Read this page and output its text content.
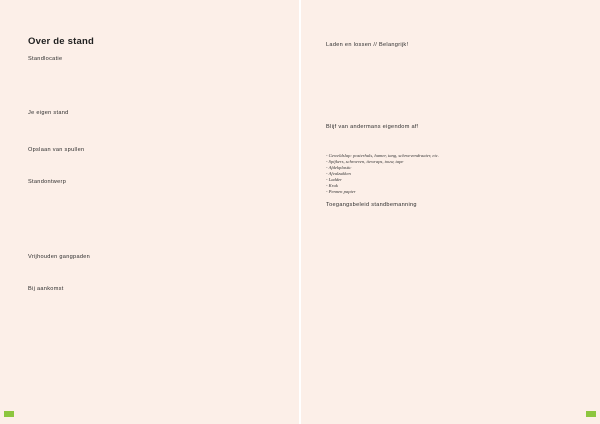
Over de stand
Standlocatie

Je eigen stand

Opslaan van spullen

Standontwerp

Vrijhouden gangpaden

Bij aankomst

Laden en lossen // Belangrijk!

Blijf van andermans eigendom af!

- Geweldslap: posterhuls, hamer, tang, schroevendraaier, etc.
- Spijkers, schroeven, tiewraps, touw, tape
- Afdekplastic
- Afvalzakken
- Ladder
- Kruk
- Pennen papier
Toegangsbeleid standbemanning
